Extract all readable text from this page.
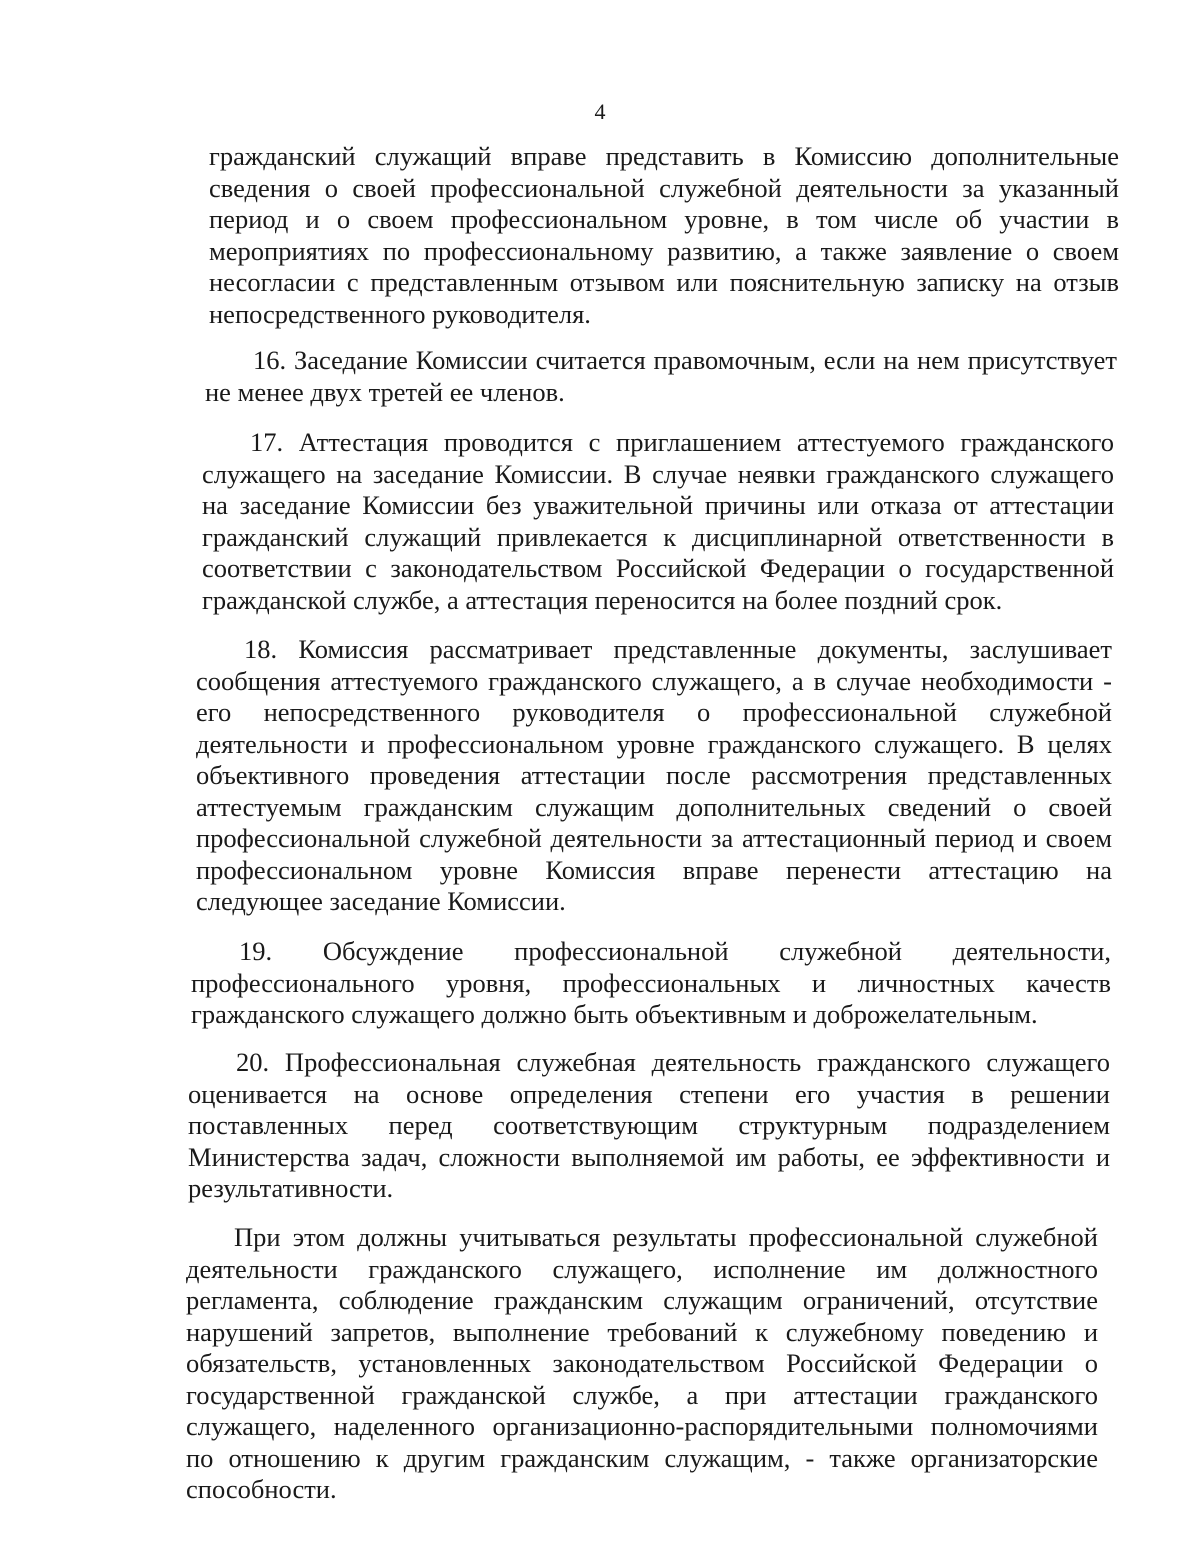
4
гражданский служащий вправе представить в Комиссию дополнительные сведения о своей профессиональной служебной деятельности за указанный период и о своем профессиональном уровне, в том числе об участии в мероприятиях по профессиональному развитию, а также заявление о своем несогласии с представленным отзывом или пояснительную записку на отзыв непосредственного руководителя.
16. Заседание Комиссии считается правомочным, если на нем присутствует не менее двух третей ее членов.
17. Аттестация проводится с приглашением аттестуемого гражданского служащего на заседание Комиссии. В случае неявки гражданского служащего на заседание Комиссии без уважительной причины или отказа от аттестации гражданский служащий привлекается к дисциплинарной ответственности в соответствии с законодательством Российской Федерации о государственной гражданской службе, а аттестация переносится на более поздний срок.
18. Комиссия рассматривает представленные документы, заслушивает сообщения аттестуемого гражданского служащего, а в случае необходимости - его непосредственного руководителя о профессиональной служебной деятельности и профессиональном уровне гражданского служащего. В целях объективного проведения аттестации после рассмотрения представленных аттестуемым гражданским служащим дополнительных сведений о своей профессиональной служебной деятельности за аттестационный период и своем профессиональном уровне Комиссия вправе перенести аттестацию на следующее заседание Комиссии.
19. Обсуждение профессиональной служебной деятельности, профессионального уровня, профессиональных и личностных качеств гражданского служащего должно быть объективным и доброжелательным.
20. Профессиональная служебная деятельность гражданского служащего оценивается на основе определения степени его участия в решении поставленных перед соответствующим структурным подразделением Министерства задач, сложности выполняемой им работы, ее эффективности и результативности.
При этом должны учитываться результаты профессиональной служебной деятельности гражданского служащего, исполнение им должностного регламента, соблюдение гражданским служащим ограничений, отсутствие нарушений запретов, выполнение требований к служебному поведению и обязательств, установленных законодательством Российской Федерации о государственной гражданской службе, а при аттестации гражданского служащего, наделенного организационно-распорядительными полномочиями по отношению к другим гражданским служащим, - также организаторские способности.
